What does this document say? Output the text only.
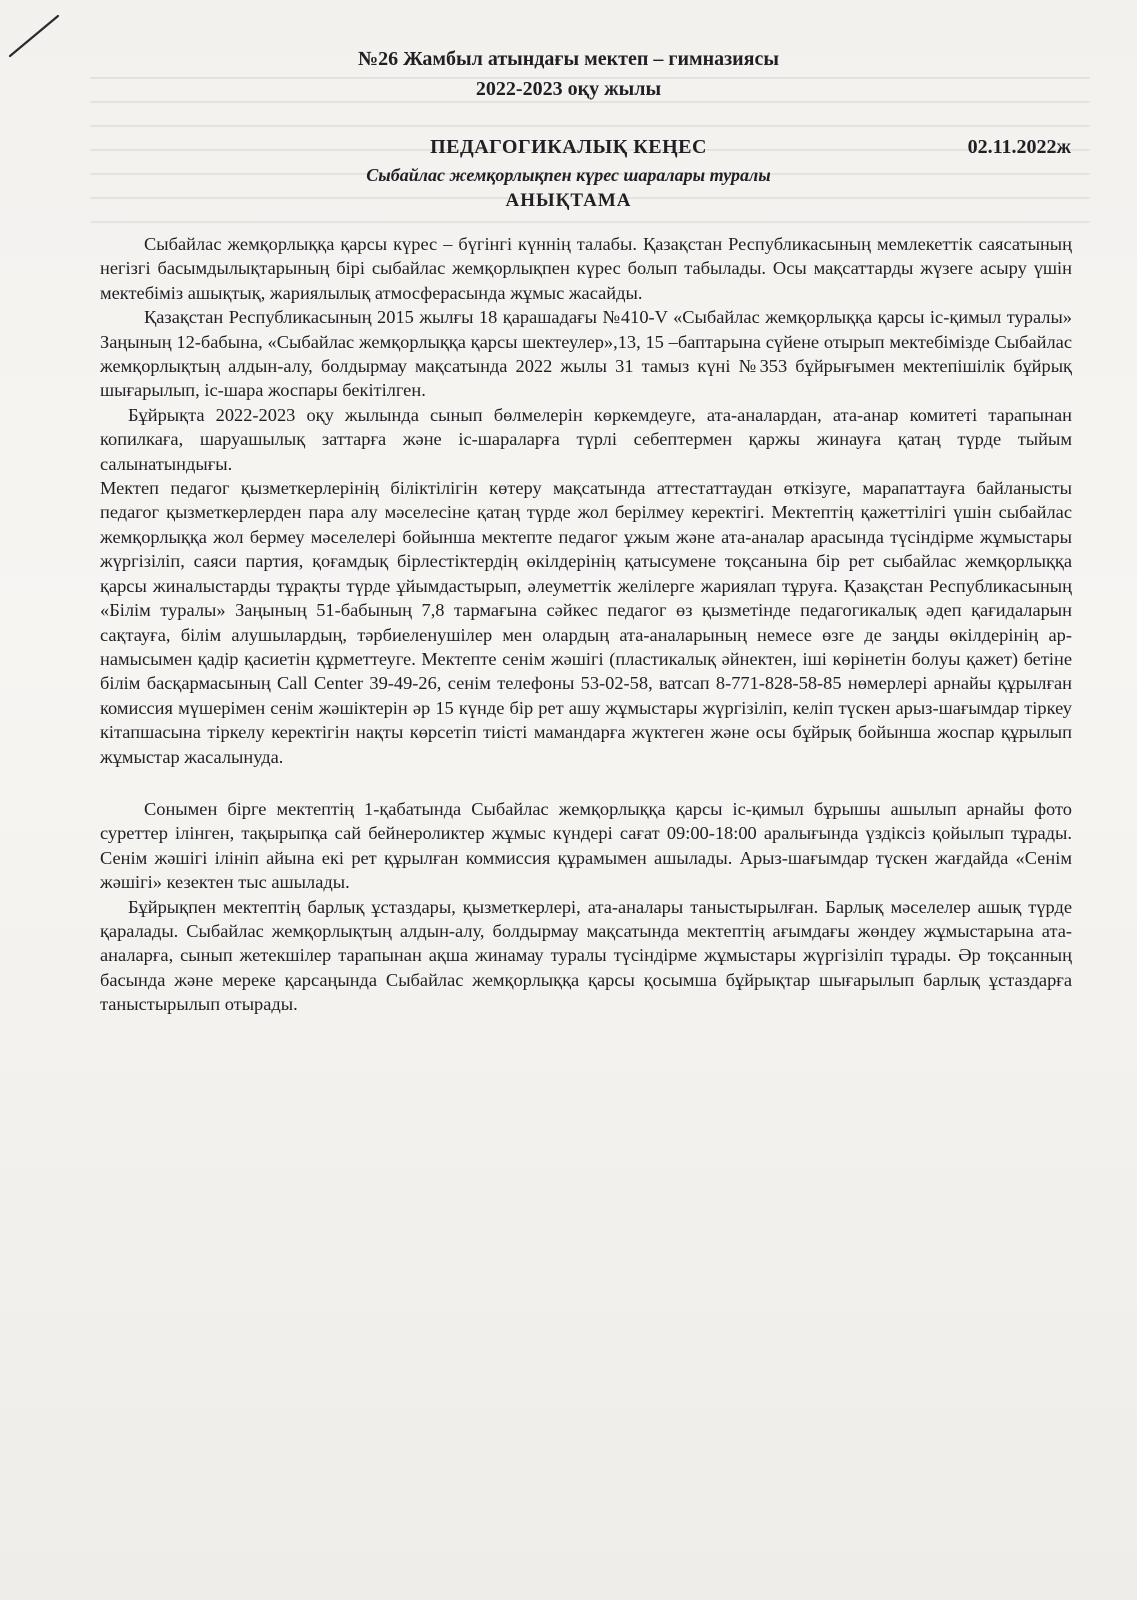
№26 Жамбыл атындағы мектеп – гимназиясы
2022-2023 оқу жылы
02.11.2022ж
ПЕДАГОГИКАЛЫҚ КЕҢЕС
Сыбайлас жемқорлықпен күрес шаралары туралы
АНЫҚТАМА

Сыбайлас жемқорлыққа қарсы күрес – бүгінгі күннің талабы. Қазақстан Республикасының мемлекеттік саясатының негізгі басымдылықтарының бірі сыбайлас жемқорлықпен күрес болып табылады. Осы мақсаттарды жүзеге асыру үшін мектебіміз ашықтық, жариялылық атмосферасында жұмыс жасайды.

Қазақстан Республикасының 2015 жылғы 18 қарашадағы №410-V «Сыбайлас жемқорлыққа қарсы іс-қимыл туралы» Заңының 12-бабына, «Сыбайлас жемқорлыққа қарсы шектеулер»,13, 15 –баптарына сүйене отырып мектебімізде Сыбайлас жемқорлықтың алдын-алу, болдырмау мақсатында 2022 жылы 31 тамыз күні №353 бұйрығымен мектепішілік бұйрық шығарылып, іс-шара жоспары бекітілген.

Бұйрықта 2022-2023 оқу жылында сынып бөлмелерін көркемдеуге, ата-аналардан, ата-анар комитеті тарапынан копилкаға, шаруашылық заттарға және іс-шараларға түрлі себептермен қаржы жинауға қатаң түрде тыйым салынатындығы.

Мектеп педагог қызметкерлерінің біліктілігін көтеру мақсатында аттестаттаудан өткізуге, марапаттауға байланысты педагог қызметкерлерден пара алу мәселесіне қатаң түрде жол берілмеу керектігі. Мектептің қажеттілігі үшін сыбайлас жемқорлыққа жол бермеу мәселелері бойынша мектепте педагог ұжым және ата-аналар арасында түсіндірме жұмыстары жүргізіліп, саяси партия, қоғамдық бірлестіктердің өкілдерінің қатысумене тоқсанына бір рет сыбайлас жемқорлыққа қарсы жиналыстарды тұрақты түрде ұйымдастырып, әлеуметтік желілерге жариялап тұруға. Қазақстан Республикасының «Білім туралы» Заңының 51-бабының 7,8 тармағына сәйкес педагог өз қызметінде педагогикалық әдеп қағидаларын сақтауға, білім алушылардың, тәрбиеленушілер мен олардың ата-аналарының немесе өзге де заңды өкілдерінің ар-намысымен қадір қасиетін құрметтеуге. Мектепте сенім жәшігі (пластикалық әйнектен, іші көрінетін болуы қажет) бетіне білім басқармасының Call Center 39-49-26, сенім телефоны 53-02-58, ватсап 8-771-828-58-85 нөмерлері арнайы құрылған комиссия мүшерімен сенім жәшіктерін әр 15 күнде бір рет ашу жұмыстары жүргізіліп, келіп түскен арыз-шағымдар тіркеу кітапшасына тіркелу керектігін нақты көрсетіп тиісті мамандарға жүктеген және осы бұйрық бойынша жоспар құрылып жұмыстар жасалынуда.

Сонымен бірге мектептің 1-қабатында Сыбайлас жемқорлыққа қарсы іс-қимыл бұрышы ашылып арнайы фото суреттер ілінген, тақырыпқа сай бейнероликтер жұмыс күндері сағат 09:00-18:00 аралығында үздіксіз қойылып тұрады. Сенім жәшігі ілініп айына екі рет құрылған коммиссия құрамымен ашылады. Арыз-шағымдар түскен жағдайда «Сенім жәшігі» кезектен тыс ашылады.

Бұйрықпен мектептің барлық ұстаздары, қызметкерлері, ата-аналары таныстырылған. Барлық мәселелер ашық түрде қаралады. Сыбайлас жемқорлықтың алдын-алу, болдырмау мақсатында мектептің ағымдағы жөндеу жұмыстарына ата-аналарға, сынып жетекшілер тарапынан ақша жинамау туралы түсіндірме жұмыстары жүргізіліп тұрады. Әр тоқсанның басында және мереке қарсаңында Сыбайлас жемқорлыққа қарсы қосымша бұйрықтар шығарылып барлық ұстаздарға таныстырылып отырады.
